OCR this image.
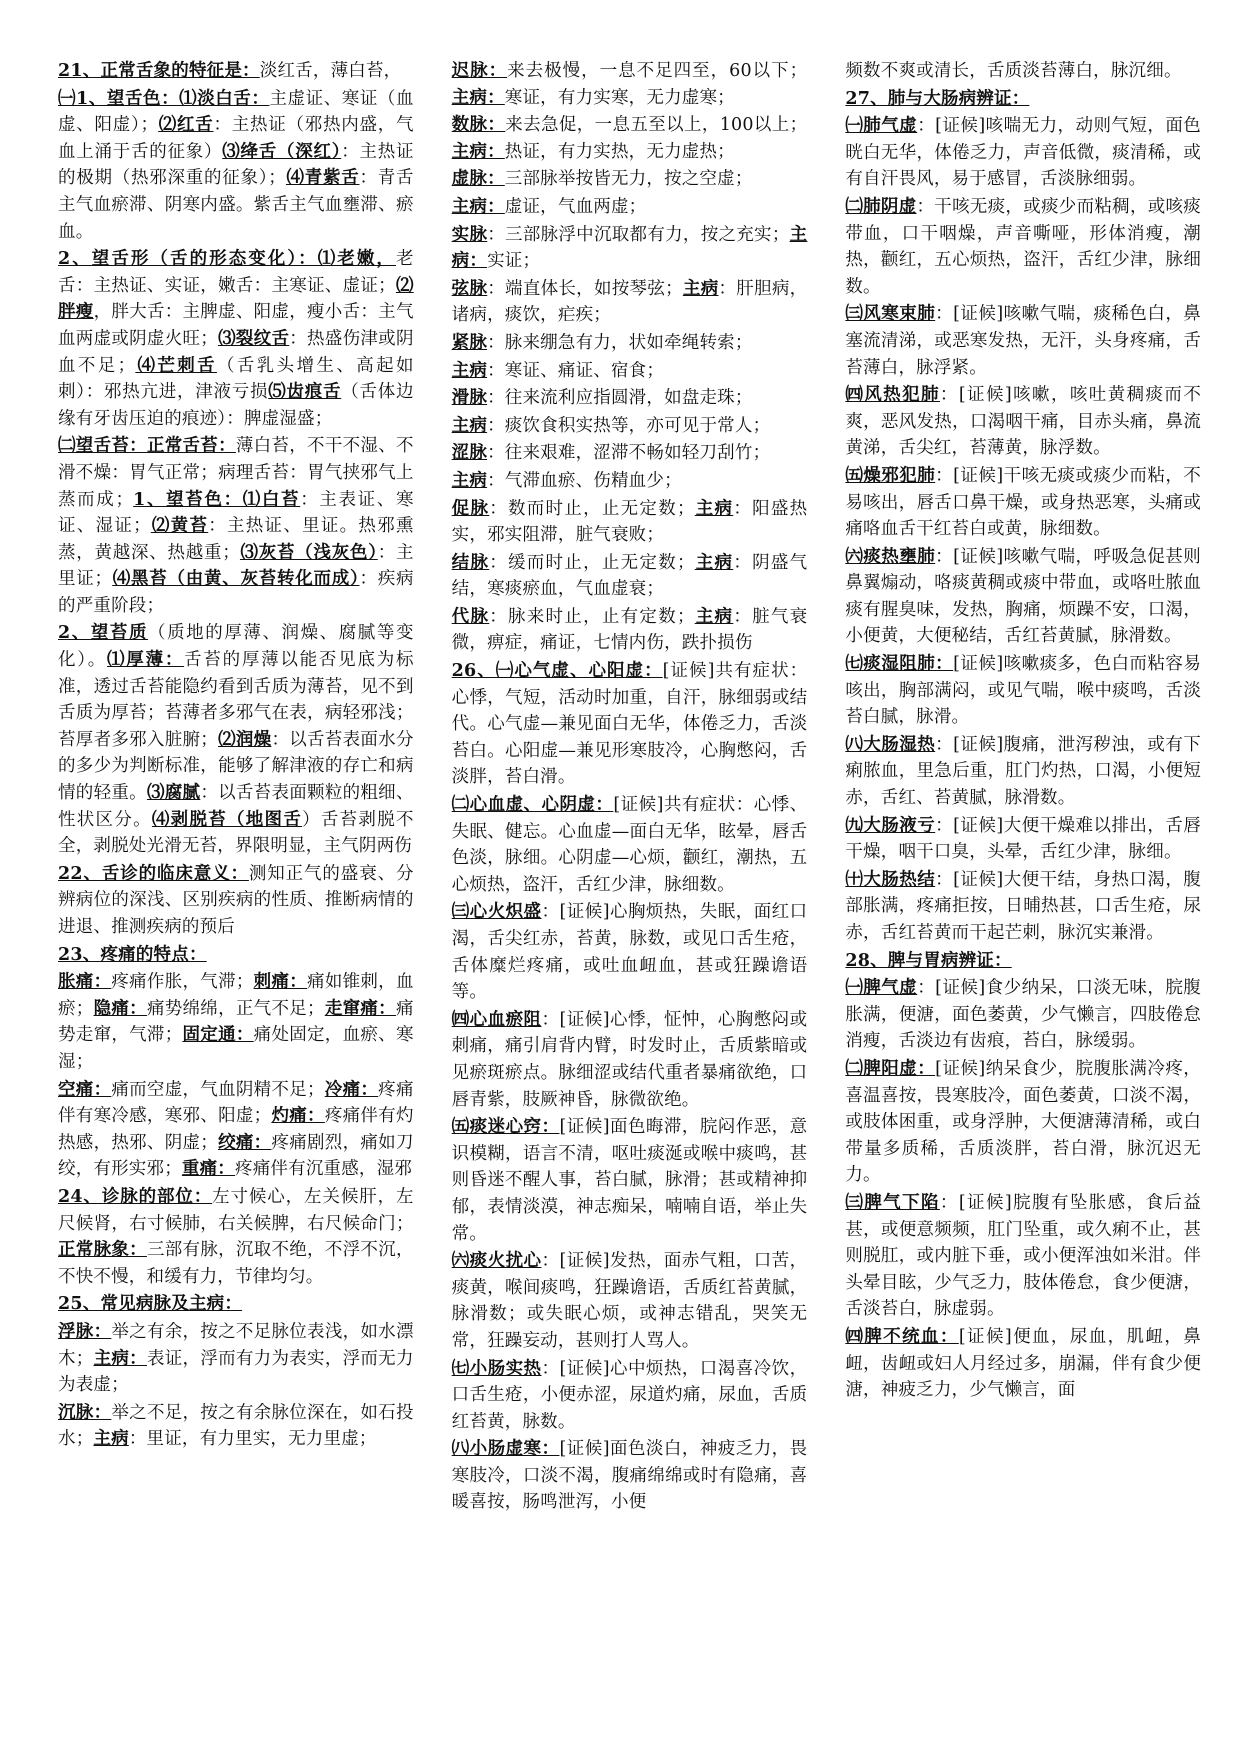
21、正常舌象的特征是：淡红舌，薄白苔，
㈠1、望舌色：⑴淡白舌：主虚证、寒证（血虚、阳虚）；⑵红舌：主热证（邪热内盛，气血上涌于舌的征象）⑶绛舌（深红）：主热证的极期（热邪深重的征象）；⑷青紫舌：青舌主气血瘀滞、阴寒内盛。紫舌主气血壅滞、瘀血。
2、望舌形（舌的形态变化）：⑴老嫩，老舌：主热证、实证，嫩舌：主寒证、虚证；⑵胖瘦，胖大舌：主脾虚、阳虚，瘦小舌：主气血两虚或阴虚火旺；⑶裂纹舌：热盛伤津或阴血不足；⑷芒刺舌（舌乳头增生、高起如刺）：邪热亢进，津液亏损⑸齿痕舌（舌体边缘有牙齿压迫的痕迹）：脾虚湿盛；
㈡望舌苔：正常舌苔：薄白苔，不干不湿、不滑不燥：胃气正常；病理舌苔：胃气挟邪气上蒸而成；1、望苔色：⑴白苔：主表证、寒证、湿证；⑵黄苔：主热证、里证。热邪熏蒸，黄越深、热越重；⑶灰苔（浅灰色）：主里证；⑷黑苔（由黄、灰苔转化而成）：疾病的严重阶段；
2、望苔质（质地的厚薄、润燥、腐腻等变化）。⑴厚薄：舌苔的厚薄以能否见底为标准，透过舌苔能隐约看到舌质为薄苔，见不到舌质为厚苔；苔薄者多邪气在表，病轻邪浅；苔厚者多邪入脏腑；⑵润燥：以舌苔表面水分的多少为判断标准，能够了解津液的存亡和病情的轻重。⑶腐腻：以舌苔表面颗粒的粗细、性状区分。⑷剥脱苔（地图舌）舌苔剥脱不全，剥脱处光滑无苔，界限明显，主气阴两伤
22、舌诊的临床意义：测知正气的盛衰、分辨病位的深浅、区别疾病的性质、推断病情的进退、推测疾病的预后
23、疼痛的特点：
胀痛：疼痛作胀，气滞；刺痛：痛如锥刺，血瘀；隐痛：痛势绵绵，正气不足；走窜痛：痛势走窜，气滞；固定通：痛处固定，血瘀、寒湿；
空痛：痛而空虚，气血阴精不足；冷痛：疼痛伴有寒冷感，寒邪、阳虚；灼痛：疼痛伴有灼热感，热邪、阴虚；绞痛：疼痛剧烈，痛如刀绞，有形实邪；重痛：疼痛伴有沉重感，湿邪
24、诊脉的部位：左寸候心，左关候肝，左尺候肾，右寸候肺，右关候脾，右尺候命门；正常脉象：三部有脉，沉取不绝，不浮不沉，不快不慢，和缓有力，节律均匀。
25、常见病脉及主病：
浮脉：举之有余，按之不足脉位表浅，如水漂木；主病：表证，浮而有力为表实，浮而无力为表虚；
沉脉：举之不足，按之有余脉位深在，如石投水；主病：里证，有力里实，无力里虚；
迟脉：来去极慢，一息不足四至，60以下；主病：寒证，有力实寒，无力虚寒；
数脉：来去急促，一息五至以上，100以上；主病：热证，有力实热，无力虚热；
虚脉：三部脉举按皆无力，按之空虚；
主病：虚证，气血两虚；
实脉：三部脉浮中沉取都有力，按之充实；主病：实证；
弦脉：端直体长，如按琴弦；主病：肝胆病，诸病，痰饮，疟疾；
紧脉：脉来绷急有力，状如牵绳转索；
主病：寒证、痛证、宿食；
滑脉：往来流利应指圆滑，如盘走珠；
主病：痰饮食积实热等，亦可见于常人；
涩脉：往来艰难，涩滞不畅如轻刀刮竹；
主病：气滞血瘀、伤精血少；
促脉：数而时止，止无定数；主病：阳盛热实，邪实阻滞，脏气衰败；
结脉：缓而时止，止无定数；主病：阴盛气结，寒痰瘀血，气血虚衰；
代脉：脉来时止，止有定数；主病：脏气衰微，痹症，痛证，七情内伤，跌扑损伤
26、㈠心气虚、心阳虚：[证候]共有症状：心悸，气短，活动时加重，自汗，脉细弱或结代。心气虚—兼见面白无华，体倦乏力，舌淡苔白。心阳虚—兼见形寒肢冷，心胸憋闷，舌淡胖，苔白滑。
㈡心血虚、心阴虚：[证候]共有症状：心悸、失眠、健忘。心血虚—面白无华，眩晕，唇舌色淡，脉细。心阴虚—心烦，颧红，潮热，五心烦热，盗汗，舌红少津，脉细数。
㈢心火炽盛：[证候]心胸烦热，失眠，面红口渴，舌尖红赤，苔黄，脉数，或见口舌生疮，舌体糜烂疼痛，或吐血衄血，甚或狂躁谵语等。
㈣心血瘀阻：[证候]心悸，怔忡，心胸憋闷或刺痛，痛引肩背内臂，时发时止，舌质紫暗或见瘀斑瘀点。脉细涩或结代重者暴痛欲绝，口唇青紫，肢厥神昏，脉微欲绝。
㈤痰迷心窍：[证候]面色晦滞，脘闷作恶，意识模糊，语言不清，呕吐痰涎或喉中痰鸣，甚则昏迷不醒人事，苔白腻，脉滑；甚或精神抑郁，表情淡漠，神志痴呆，喃喃自语，举止失常。
㈥痰火扰心：[证候]发热，面赤气粗，口苦，痰黄，喉间痰鸣，狂躁谵语，舌质红苔黄腻，脉滑数；或失眠心烦，或神志错乱，哭笑无常，狂躁妄动，甚则打人骂人。
㈦小肠实热：[证候]心中烦热，口渴喜冷饮，口舌生疮，小便赤涩，尿道灼痛，尿血，舌质红苔黄，脉数。
㈧小肠虚寒：[证候]面色淡白，神疲乏力，畏寒肢冷，口淡不渴，腹痛绵绵或时有隐痛，喜暖喜按，肠鸣泄泻，小便
频数不爽或清长，舌质淡苔薄白，脉沉细。
27、肺与大肠病辨证：
㈠肺气虚：[证候]咳喘无力，动则气短，面色晄白无华，体倦乏力，声音低微，痰清稀，或有自汗畏风，易于感冒，舌淡脉细弱。
㈡肺阴虚：干咳无痰，或痰少而粘稠，或咳痰带血，口干咽燥，声音嘶哑，形体消瘦，潮热，颧红，五心烦热，盗汗，舌红少津，脉细数。
㈢风寒束肺：[证候]咳嗽气喘，痰稀色白，鼻塞流清涕，或恶寒发热，无汗，头身疼痛，舌苔薄白，脉浮紧。
㈣风热犯肺：[证候]咳嗽，咳吐黄稠痰而不爽，恶风发热，口渴咽干痛，目赤头痛，鼻流黄涕，舌尖红，苔薄黄，脉浮数。
㈤燥邪犯肺：[证候]干咳无痰或痰少而粘，不易咳出，唇舌口鼻干燥，或身热恶寒，头痛或痛咯血舌干红苔白或黄，脉细数。
㈥痰热壅肺：[证候]咳嗽气喘，呼吸急促甚则鼻翼煽动，咯痰黄稠或痰中带血，或咯吐脓血痰有腥臭味，发热，胸痛，烦躁不安，口渴，小便黄，大便秘结，舌红苔黄腻，脉滑数。
㈦痰湿阻肺：[证候]咳嗽痰多，色白而粘容易咳出，胸部满闷，或见气喘，喉中痰鸣，舌淡苔白腻，脉滑。
㈧大肠湿热：[证候]腹痛，泄泻秽浊，或有下痢脓血，里急后重，肛门灼热，口渴，小便短赤，舌红、苔黄腻，脉滑数。
㈨大肠液亏：[证候]大便干燥难以排出，舌唇干燥，咽干口臭，头晕，舌红少津，脉细。
㈩大肠热结：[证候]大便干结，身热口渴，腹部胀满，疼痛拒按，日晡热甚，口舌生疮，尿赤，舌红苔黄而干起芒刺，脉沉实兼滑。
28、脾与胃病辨证：
㈠脾气虚：[证候]食少纳呆，口淡无味，脘腹胀满，便溏，面色萎黄，少气懒言，四肢倦怠消瘦，舌淡边有齿痕，苔白，脉缓弱。
㈡脾阳虚：[证候]纳呆食少，脘腹胀满冷疼，喜温喜按，畏寒肢冷，面色萎黄，口淡不渴，或肢体困重，或身浮肿，大便溏薄清稀，或白带量多质稀，舌质淡胖，苔白滑，脉沉迟无力。
㈢脾气下陷：[证候]脘腹有坠胀感，食后益甚，或便意频频，肛门坠重，或久痢不止，甚则脱肛，或内脏下垂，或小便浑浊如米泔。伴头晕目眩，少气乏力，肢体倦怠，食少便溏，舌淡苔白，脉虚弱。
㈣脾不统血：[证候]便血，尿血，肌衄，鼻衄，齿衄或妇人月经过多，崩漏，伴有食少便溏，神疲乏力，少气懒言，面
